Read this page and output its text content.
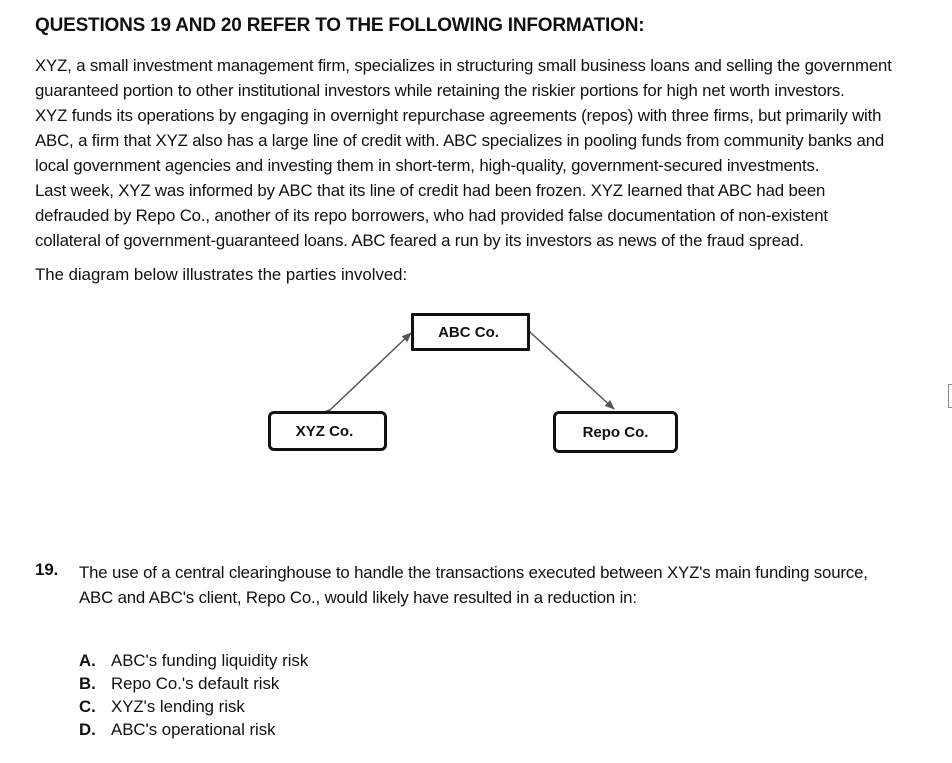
QUESTIONS 19 AND 20 REFER TO THE FOLLOWING INFORMATION:
XYZ, a small investment management firm, specializes in structuring small business loans and selling the government
guaranteed portion to other institutional investors while retaining the riskier portions for high net worth investors.
XYZ funds its operations by engaging in overnight repurchase agreements (repos) with three firms, but primarily with
ABC, a firm that XYZ also has a large line of credit with. ABC specializes in pooling funds from community banks and
local government agencies and investing them in short-term, high-quality, government-secured investments.
Last week, XYZ was informed by ABC that its line of credit had been frozen. XYZ learned that ABC had been
defrauded by Repo Co., another of its repo borrowers, who had provided false documentation of non-existent
collateral of government-guaranteed loans. ABC feared a run by its investors as news of the fraud spread.
The diagram below illustrates the parties involved:
ABC Co.
XYZ Co.	Repo Co.
19. The use of a central clearinghouse to handle the transactions executed between XYZ's main funding source,
ABC and ABC's client, Repo Co., would likely have resulted in a reduction in:
A. ABC's funding liquidity risk
B. Repo Co.'s default risk
C. XYZ's lending risk
D. ABC's operational risk
